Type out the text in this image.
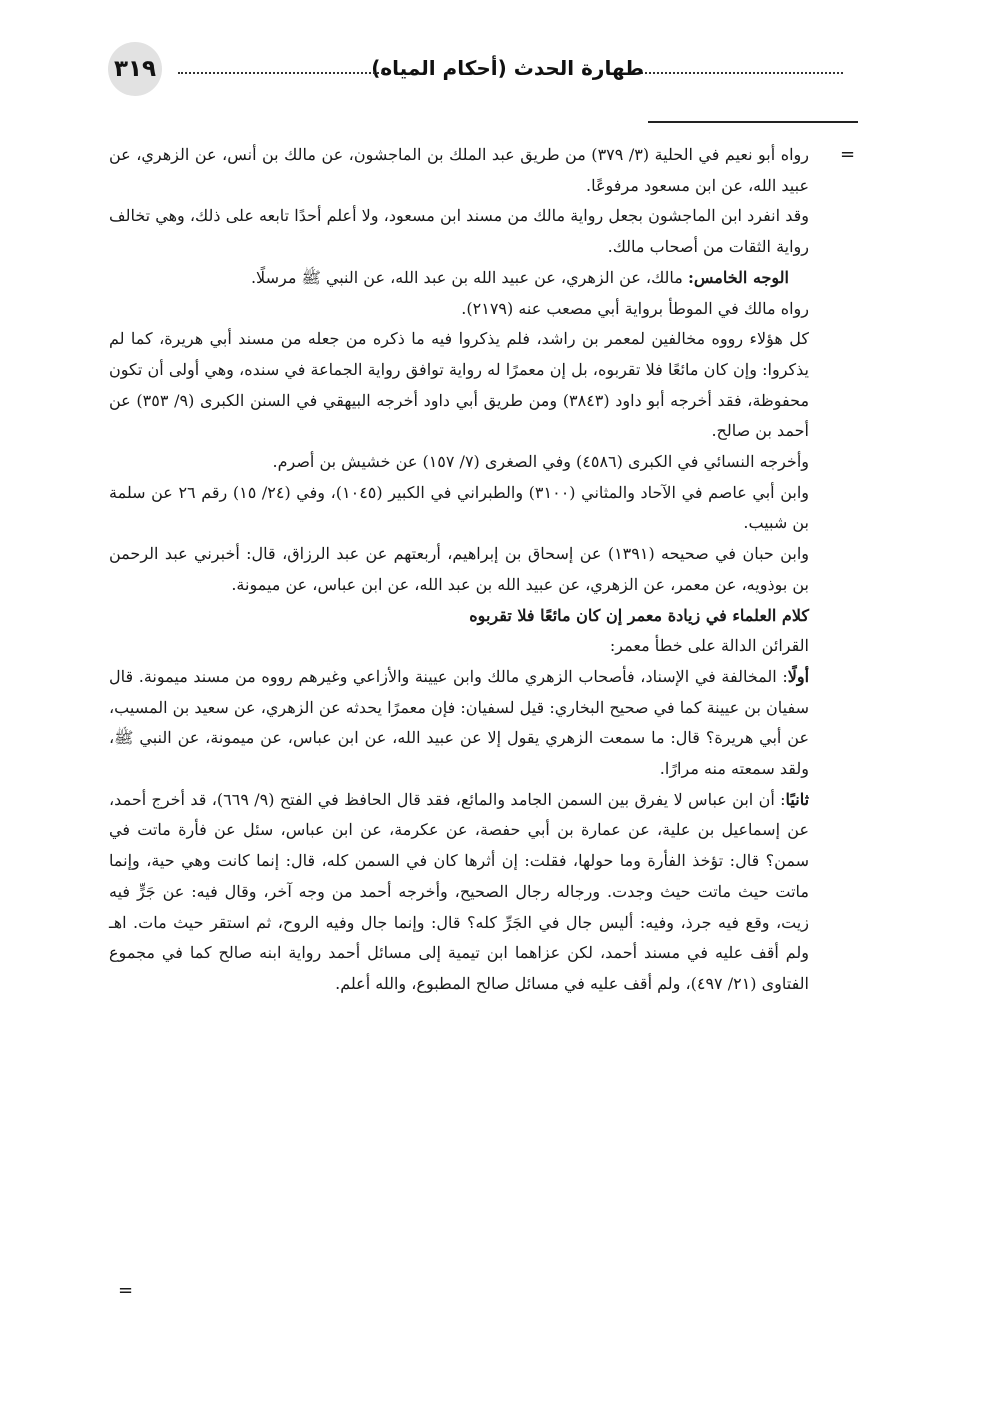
٣١٩	طهارة الحدث (أحكام المياه)
=

رواه أبو نعيم في الحلية (٣/ ٣٧٩) من طريق عبد الملك بن الماجشون، عن مالك بن أنس، عن الزهري، عن عبيد الله، عن ابن مسعود مرفوعًا.

وقد انفرد ابن الماجشون بجعل رواية مالك من مسند ابن مسعود، ولا أعلم أحدًا تابعه على ذلك، وهي تخالف رواية الثقات من أصحاب مالك.

الوجه الخامس: مالك، عن الزهري، عن عبيد الله بن عبد الله، عن النبي ﷺ مرسلًا.

رواه مالك في الموطأ برواية أبي مصعب عنه (٢١٧٩).

كل هؤلاء رووه مخالفين لمعمر بن راشد، فلم يذكروا فيه ما ذكره من جعله من مسند أبي هريرة، كما لم يذكروا: وإن كان مائعًا فلا تقربوه، بل إن معمرًا له رواية توافق رواية الجماعة في سنده، وهي أولى أن تكون محفوظة، فقد أخرجه أبو داود (٣٨٤٣) ومن طريق أبي داود أخرجه البيهقي في السنن الكبرى (٩/ ٣٥٣) عن أحمد بن صالح.

وأخرجه النسائي في الكبرى (٤٥٨٦) وفي الصغرى (٧/ ١٥٧) عن خشيش بن أصرم.

وابن أبي عاصم في الآحاد والمثاني (٣١٠٠) والطبراني في الكبير (١٠٤٥)، وفي (٢٤/ ١٥) رقم ٢٦ عن سلمة بن شبيب.

وابن حبان في صحيحه (١٣٩١) عن إسحاق بن إبراهيم، أربعتهم عن عبد الرزاق، قال: أخبرني عبد الرحمن بن بوذويه، عن معمر، عن الزهري، عن عبيد الله بن عبد الله، عن ابن عباس، عن ميمونة.

كلام العلماء في زيادة معمر إن كان مائعًا فلا تقربوه

القرائن الدالة على خطأ معمر:

أولًا: المخالفة في الإسناد، فأصحاب الزهري مالك وابن عيينة والأزاعي وغيرهم رووه من مسند ميمونة. قال سفيان بن عيينة كما في صحيح البخاري: قيل لسفيان: فإن معمرًا يحدثه عن الزهري، عن سعيد بن المسيب، عن أبي هريرة؟ قال: ما سمعت الزهري يقول إلا عن عبيد الله، عن ابن عباس، عن ميمونة، عن النبي ﷺ، ولقد سمعته منه مرارًا.

ثانيًا: أن ابن عباس لا يفرق بين السمن الجامد والمائع، فقد قال الحافظ في الفتح (٩/ ٦٦٩)، قد أخرج أحمد، عن إسماعيل بن علية، عن عمارة بن أبي حفصة، عن عكرمة، عن ابن عباس، سئل عن فأرة ماتت في سمن؟ قال: تؤخذ الفأرة وما حولها، فقلت: إن أثرها كان في السمن كله، قال: إنما كانت وهي حية، وإنما ماتت حيث ماتت حيث وجدت. ورجاله رجال الصحيح، وأخرجه أحمد من وجه آخر، وقال فيه: عن جَرٍّ فيه زيت، وقع فيه جرذ، وفيه: أليس جال في الجَرِّ كله؟ قال: وإنما جال وفيه الروح، ثم استقر حيث مات. اهـ ولم أقف عليه في مسند أحمد، لكن عزاهما ابن تيمية إلى مسائل أحمد رواية ابنه صالح كما في مجموع الفتاوى (٢١/ ٤٩٧)، ولم أقف عليه في مسائل صالح المطبوع، والله أعلم.

=
